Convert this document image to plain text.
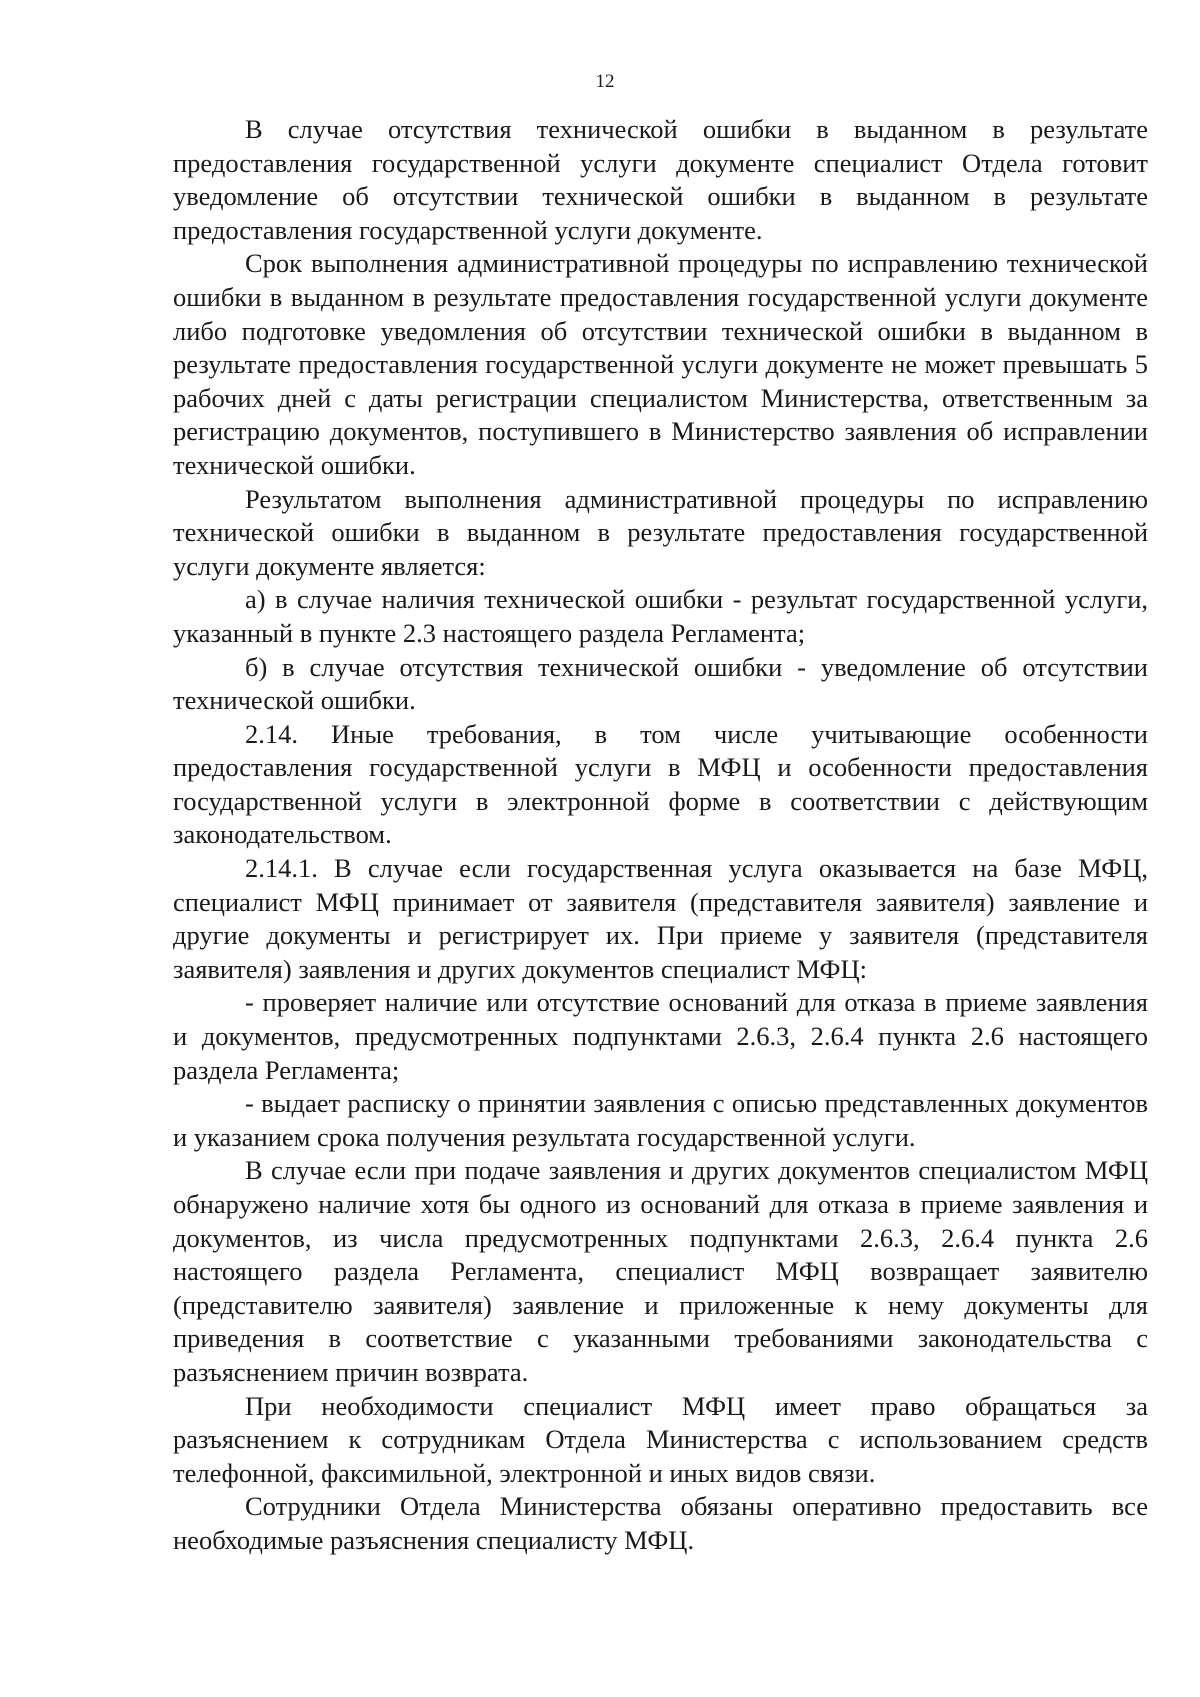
12

В случае отсутствия технической ошибки в выданном в результате предоставления государственной услуги документе специалист Отдела готовит уведомление об отсутствии технической ошибки в выданном в результате предоставления государственной услуги документе.

Срок выполнения административной процедуры по исправлению технической ошибки в выданном в результате предоставления государственной услуги документе либо подготовке уведомления об отсутствии технической ошибки в выданном в результате предоставления государственной услуги документе не может превышать 5 рабочих дней с даты регистрации специалистом Министерства, ответственным за регистрацию документов, поступившего в Министерство заявления об исправлении технической ошибки.

Результатом выполнения административной процедуры по исправлению технической ошибки в выданном в результате предоставления государственной услуги документе является:

а) в случае наличия технической ошибки - результат государственной услуги, указанный в пункте 2.3 настоящего раздела Регламента;

б) в случае отсутствия технической ошибки - уведомление об отсутствии технической ошибки.

2.14. Иные требования, в том числе учитывающие особенности предоставления государственной услуги в МФЦ и особенности предоставления государственной услуги в электронной форме в соответствии с действующим законодательством.

2.14.1. В случае если государственная услуга оказывается на базе МФЦ, специалист МФЦ принимает от заявителя (представителя заявителя) заявление и другие документы и регистрирует их. При приеме у заявителя (представителя заявителя) заявления и других документов специалист МФЦ:

- проверяет наличие или отсутствие оснований для отказа в приеме заявления и документов, предусмотренных подпунктами 2.6.3, 2.6.4 пункта 2.6 настоящего раздела Регламента;

- выдает расписку о принятии заявления с описью представленных документов и указанием срока получения результата государственной услуги.

В случае если при подаче заявления и других документов специалистом МФЦ обнаружено наличие хотя бы одного из оснований для отказа в приеме заявления и документов, из числа предусмотренных подпунктами 2.6.3, 2.6.4 пункта 2.6 настоящего раздела Регламента, специалист МФЦ возвращает заявителю (представителю заявителя) заявление и приложенные к нему документы для приведения в соответствие с указанными требованиями законодательства с разъяснением причин возврата.

При необходимости специалист МФЦ имеет право обращаться за разъяснением к сотрудникам Отдела Министерства с использованием средств телефонной, факсимильной, электронной и иных видов связи.

Сотрудники Отдела Министерства обязаны оперативно предоставить все необходимые разъяснения специалисту МФЦ.
